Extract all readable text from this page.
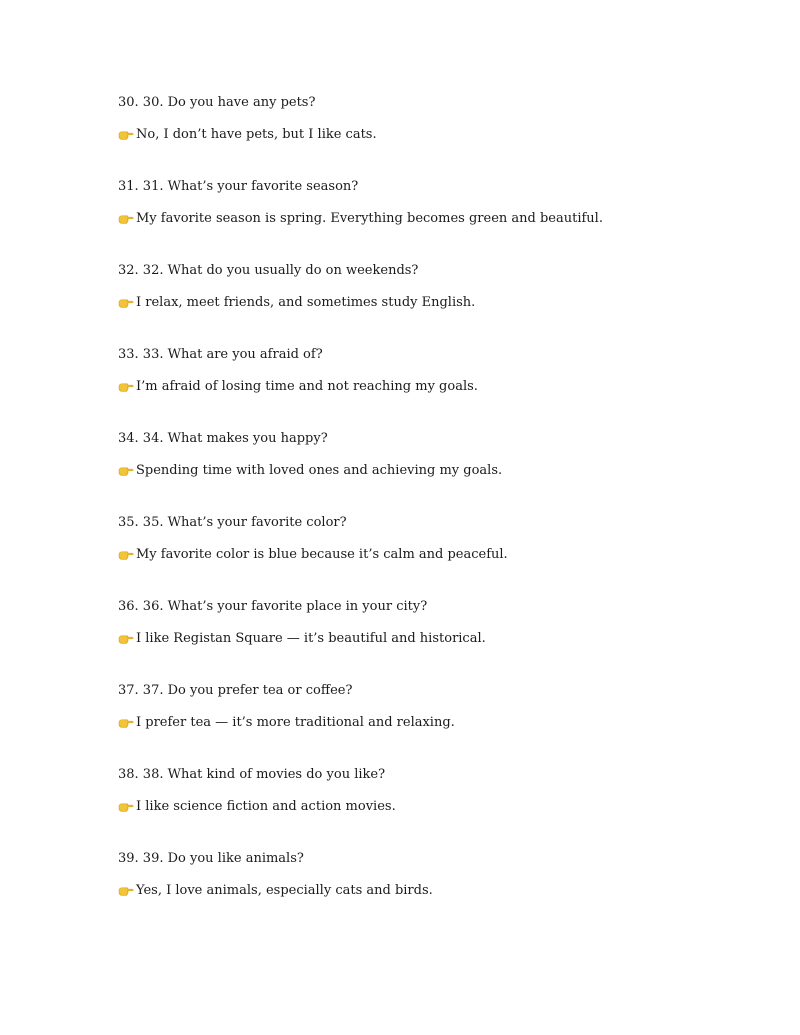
30. 30. Do you have any pets?
No, I don’t have pets, but I like cats.
31. 31. What’s your favorite season?
My favorite season is spring. Everything becomes green and beautiful.
32. 32. What do you usually do on weekends?
I relax, meet friends, and sometimes study English.
33. 33. What are you afraid of?
I’m afraid of losing time and not reaching my goals.
34. 34. What makes you happy?
Spending time with loved ones and achieving my goals.
35. 35. What’s your favorite color?
My favorite color is blue because it’s calm and peaceful.
36. 36. What’s your favorite place in your city?
I like Registan Square — it’s beautiful and historical.
37. 37. Do you prefer tea or coffee?
I prefer tea — it’s more traditional and relaxing.
38. 38. What kind of movies do you like?
I like science fiction and action movies.
39. 39. Do you like animals?
Yes, I love animals, especially cats and birds.
